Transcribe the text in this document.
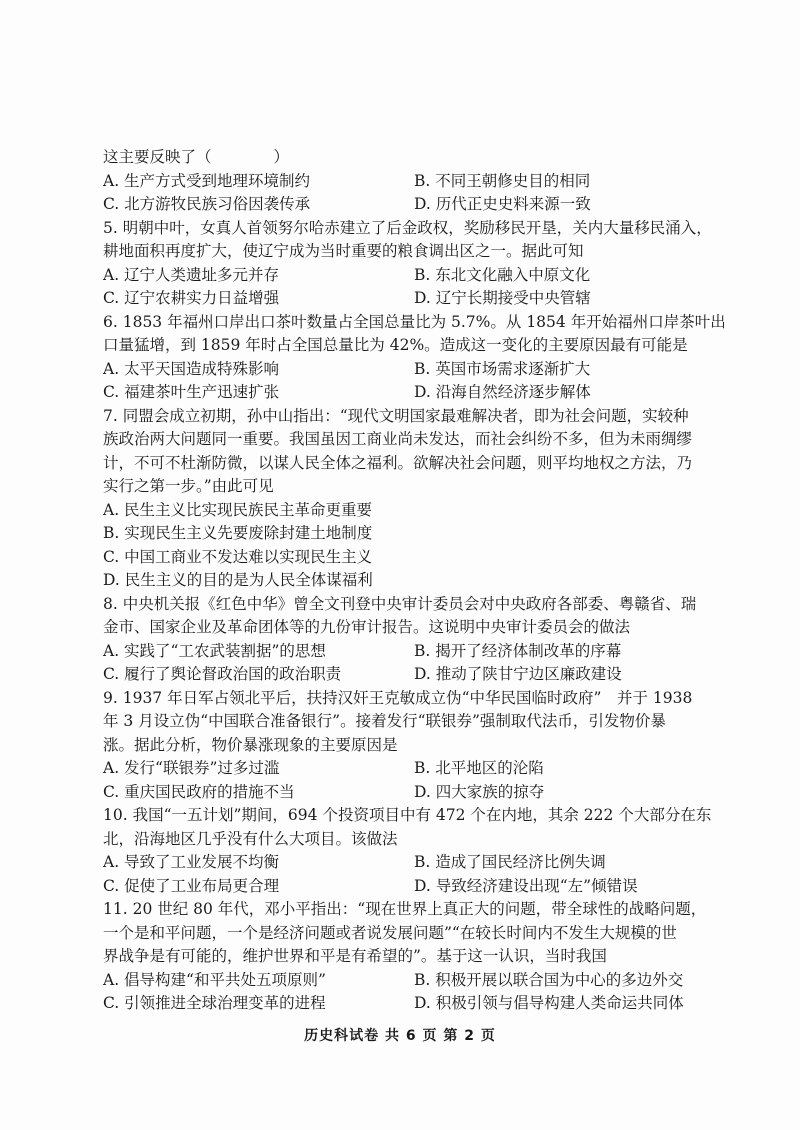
这主要反映了（　　　　）
A. 生产方式受到地理环境制约	B. 不同王朝修史目的相同
C. 北方游牧民族习俗因袭传承	D. 历代正史史料来源一致
5. 明朝中叶，女真人首领努尔哈赤建立了后金政权，奖励移民开垦，关内大量移民涌入，
耕地面积再度扩大，使辽宁成为当时重要的粮食调出区之一。据此可知
A. 辽宁人类遗址多元并存	B. 东北文化融入中原文化
C. 辽宁农耕实力日益增强	D. 辽宁长期接受中央管辖
6. 1853 年福州口岸出口茶叶数量占全国总量比为 5.7%。从 1854 年开始福州口岸茶叶出
口量猛增，到 1859 年时占全国总量比为 42%。造成这一变化的主要原因最有可能是
A. 太平天国造成特殊影响	B. 英国市场需求逐渐扩大
C. 福建茶叶生产迅速扩张	D. 沿海自然经济逐步解体
7. 同盟会成立初期，孙中山指出：“现代文明国家最难解决者，即为社会问题，实较种
族政治两大问题同一重要。我国虽因工商业尚未发达，而社会纠纷不多，但为未雨绸缪
计，不可不杜渐防微，以谋人民全体之福利。欲解决社会问题，则平均地权之方法，乃
实行之第一步。”由此可见
A. 民生主义比实现民族民主革命更重要
B. 实现民生主义先要废除封建土地制度
C. 中国工商业不发达难以实现民生主义
D. 民生主义的目的是为人民全体谋福利
8. 中央机关报《红色中华》曾全文刊登中央审计委员会对中央政府各部委、粤赣省、瑞
金市、国家企业及革命团体等的九份审计报告。这说明中央审计委员会的做法
A. 实践了“工农武装割据”的思想	B. 揭开了经济体制改革的序幕
C. 履行了舆论督政治国的政治职责	D. 推动了陕甘宁边区廉政建设
9. 1937 年日军占领北平后，扶持汉奸王克敏成立伪“中华民国临时政府”　并于 1938
年 3 月设立伪“中国联合准备银行”。接着发行“联银券”强制取代法币，引发物价暴
涨。据此分析，物价暴涨现象的主要原因是
A. 发行“联银券”过多过滥	B. 北平地区的沦陷
C. 重庆国民政府的措施不当	D. 四大家族的掠夺
10. 我国“一五计划”期间，694 个投资项目中有 472 个在内地，其余 222 个大部分在东
北，沿海地区几乎没有什么大项目。该做法
A. 导致了工业发展不均衡	B. 造成了国民经济比例失调
C. 促使了工业布局更合理	D. 导致经济建设出现“左”倾错误
11. 20 世纪 80 年代，邓小平指出：“现在世界上真正大的问题，带全球性的战略问题，
一个是和平问题，一个是经济问题或者说发展问题”“在较长时间内不发生大规模的世
界战争是有可能的，维护世界和平是有希望的”。基于这一认识，当时我国
A. 倡导构建“和平共处五项原则”	B. 积极开展以联合国为中心的多边外交
C. 引领推进全球治理变革的进程	D. 积极引领与倡导构建人类命运共同体
历史科试卷 共 6 页 第 2 页
